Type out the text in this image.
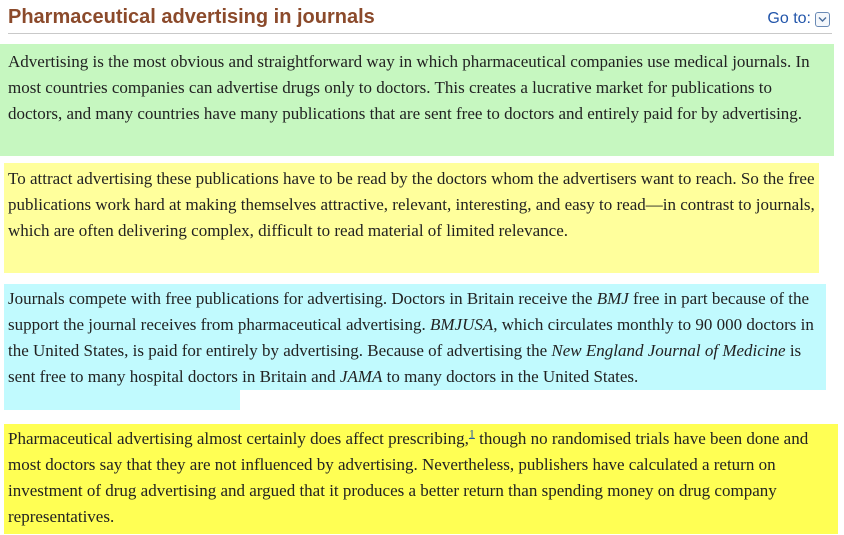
Pharmaceutical advertising in journals	Go to:
Advertising is the most obvious and straightforward way in which pharmaceutical companies use medical journals. In most countries companies can advertise drugs only to doctors. This creates a lucrative market for publications to doctors, and many countries have many publications that are sent free to doctors and entirely paid for by advertising.
To attract advertising these publications have to be read by the doctors whom the advertisers want to reach. So the free publications work hard at making themselves attractive, relevant, interesting, and easy to read—in contrast to journals, which are often delivering complex, difficult to read material of limited relevance.
Journals compete with free publications for advertising. Doctors in Britain receive the BMJ free in part because of the support the journal receives from pharmaceutical advertising. BMJUSA, which circulates monthly to 90 000 doctors in the United States, is paid for entirely by advertising. Because of advertising the New England Journal of Medicine is sent free to many hospital doctors in Britain and JAMA to many doctors in the United States.
Pharmaceutical advertising almost certainly does affect prescribing,$^1$ though no randomised trials have been done and most doctors say that they are not influenced by advertising. Nevertheless, publishers have calculated a return on investment of drug advertising and argued that it produces a better return than spending money on drug company representatives.
